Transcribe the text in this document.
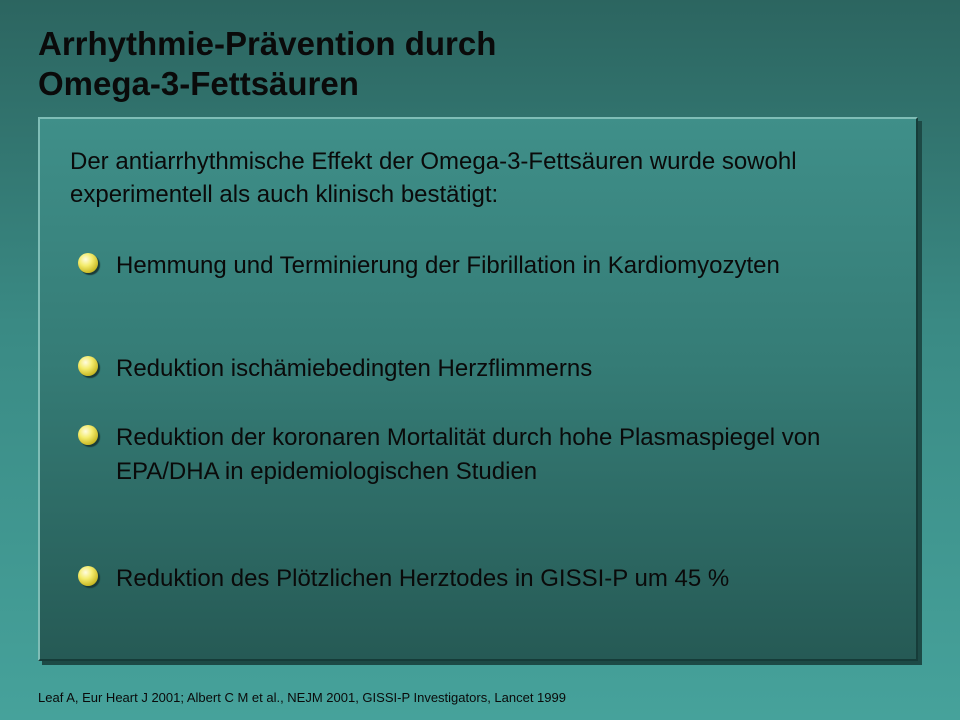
Arrhythmie-Prävention durch
Omega-3-Fettsäuren

Der antiarrhythmische Effekt der Omega-3-Fettsäuren wurde sowohl experimentell als auch klinisch bestätigt:

Hemmung und Terminierung der Fibrillation in Kardiomyozyten

Reduktion ischämiebedingten Herzflimmerns

Reduktion der koronaren Mortalität durch hohe Plasmaspiegel von EPA/DHA in epidemiologischen Studien

Reduktion des Plötzlichen Herztodes in GISSI-P um 45 %

Leaf A, Eur Heart J 2001; Albert C M et al., NEJM 2001, GISSI-P Investigators, Lancet 1999
